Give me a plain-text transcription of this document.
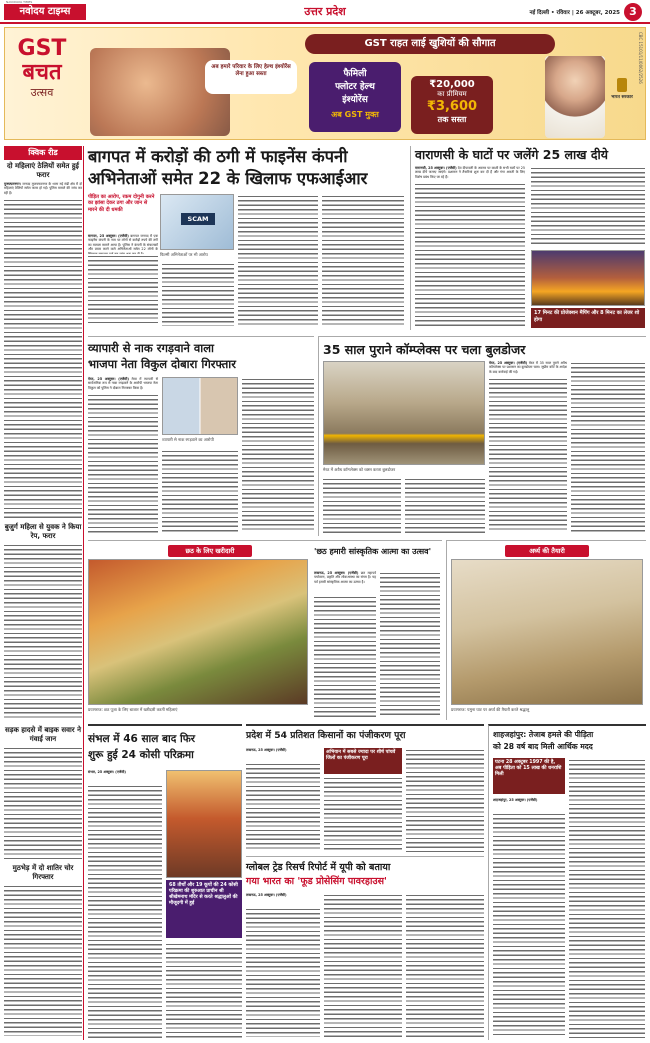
नवोदय टाइम्स
NAVODAYA TIMES
उत्तर प्रदेश	नई दिल्ली • रविवार | 26 अक्टूबर, 2025 3
GST
बचत
उत्सव
GST राहत लाई खुशियों की सौगात
अब हमारे परिवार के लिए हेल्थ इंश्योरेंस लेना हुआ सस्ता	फैमिली
फ्लोटर हेल्थ
इंश्योरेंस
अब GST मुक्त
₹20,000
का प्रीमियम
₹3,600
तक सस्ता
भारत सरकार
CBC 15101/11/0062/2526
क्विक रीड
दो महिलाएं ठेलियों समेत हुई फरार
मुजफ्फरनगर। जनपद मुजफ्फरनगर के थाना नई मंडी क्षेत्र में दो महिलाएं ठेलियों समेत फरार हो गईं। पुलिस मामले की जांच कर रही है।
बुजुर्ग महिला से युवक ने किया रेप, फरार
सड़क हादसे में बाइक सवार ने गंवाई जान
मुठभेड़ में दो शातिर चोर गिरफ्तार
बागपत में करोड़ों की ठगी में फाइनेंस कंपनी
अभिनेताओं समेत 22 के खिलाफ एफआईआर
पीड़ित का आरोप, रकम दोगुनी करने का झांसा देकर ठगा और जान से मारने की दी धमकी
SCAM
फिल्मी अभिनेताओं पर भी आरोप
बागपत, 25 अक्टूबर। (एजेंसी) बागपत जनपद में एक फाइनेंस कंपनी के नाम पर लोगों से करोड़ों रुपये की ठगी का मामला सामने आया है। पुलिस ने कंपनी के संचालकों और प्रचार करने वाले अभिनेताओं समेत 22 लोगों के
वाराणसी के घाटों पर जलेंगे 25 लाख दीये
वाराणसी, 25 अक्टूबर। (एजेंसी) देव दीपावली के अवसर पर काशी के सभी घाटों पर 25 लाख दीये जलाए जाएंगे। प्रशासन ने तैयारियां शुरू कर दी हैं और गंगा आरती के लिए विशेष प्रबंध किए जा रहे हैं।
17 मिनट की प्रोजेक्शन मैपिंग और 8 मिनट का लेजर शो होगा
व्यापारी से नाक रगड़वाने वाला
भाजपा नेता विकुल दोबारा गिरफ्तार
मेरठ, 25 अक्टूबर। (एजेंसी) मेरठ में व्यापारी से सार्वजनिक रूप से नाक रगड़वाने के आरोपी भाजपा नेता विकुल को पुलिस ने दोबारा गिरफ्तार किया है।
व्यापारी से नाक रगड़वाने का आरोपी
35 साल पुराने कॉम्प्लेक्स पर चला बुलडोजर
मेरठ में अवैध कॉम्प्लेक्स को ध्वस्त करता बुलडोजर
मेरठ, 25 अक्टूबर। (एजेंसी) मेरठ में 35 साल पुराने अवैध कॉम्प्लेक्स पर प्रशासन का बुलडोजर चला। सुप्रीम कोर्ट के आदेश के बाद कार्रवाई की गई।
छठ के लिए खरीदारी
प्रयागराज: छठ पूजा के लिए बाजार में खरीदारी करतीं महिलाएं
'छठ हमारी सांस्कृतिक आत्मा का उत्सव'
लखनऊ, 25 अक्टूबर। (एजेंसी) छठ महापर्व पर्यावरण, प्रकृति और लोकआस्था का संगम है। यह पर्व हमारी सांस्कृतिक आत्मा का उत्सव है।
अर्घ्य की तैयारी
प्रयागराज: यमुना घाट पर अर्घ्य की तैयारी करते श्रद्धालु
संभल में 46 साल बाद फिर
शुरू हुई 24 कोसी परिक्रमा
संभल, 25 अक्टूबर। (एजेंसी)
68 तीर्थों और 19 कूपों की 24 कोसी परिक्रमा की शुरुआत प्राचीन श्री श्रीखेमनाथ मंदिर से करते श्रद्धालुओं की मौजूदगी में हुई
प्रदेश में 54 प्रतिशत किसानों का पंजीकरण पूरा
लखनऊ, 25 अक्टूबर। (एजेंसी)	अभियान में सबसे ज्यादा पर शीर्ष पांचवें जिलों का पंजीकरण पूरा
ग्लोबल ट्रेड रिसर्च रिपोर्ट में यूपी को बताया
गया भारत का 'फूड प्रोसेसिंग पावरहाउस'
लखनऊ, 25 अक्टूबर। (एजेंसी)
शाहजहांपुर: तेजाब हमले की पीड़िता
को 28 वर्ष बाद मिली आर्थिक मदद
घटना 28 अक्टूबर 1997 की है, अब पीड़िता को 15 लाख की धनराशि मिली
शाहजहांपुर, 25 अक्टूबर। (एजेंसी)
